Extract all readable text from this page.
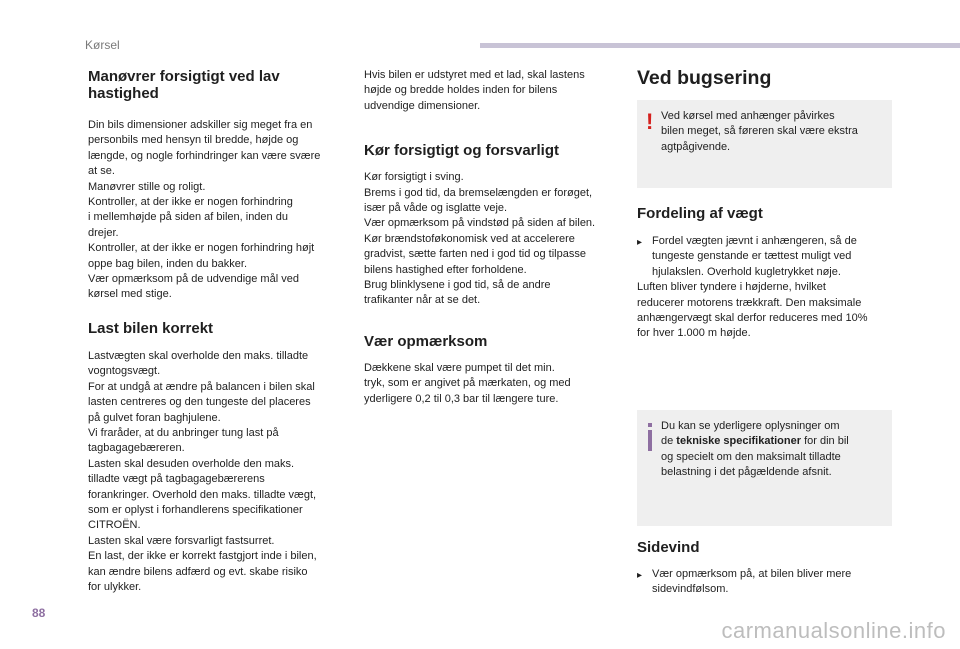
Kørsel
Manøvrer forsigtigt ved lav
hastighed
Din bils dimensioner adskiller sig meget fra en
personbils med hensyn til bredde, højde og
længde, og nogle forhindringer kan være svære
at se.
Manøvrer stille og roligt.
Kontroller, at der ikke er nogen forhindring
i mellemhøjde på siden af bilen, inden du
drejer.
Kontroller, at der ikke er nogen forhindring højt
oppe bag bilen, inden du bakker.
Vær opmærksom på de udvendige mål ved
kørsel med stige.
Last bilen korrekt
Lastvægten skal overholde den maks. tilladte
vogntogsvægt.
For at undgå at ændre på balancen i bilen skal
lasten centreres og den tungeste del placeres
på gulvet foran baghjulene.
Vi fraråder, at du anbringer tung last på
tagbagagebæreren.
Lasten skal desuden overholde den maks.
tilladte vægt på tagbagagebærerens
forankringer. Overhold den maks. tilladte vægt,
som er oplyst i forhandlerens specifikationer
CITROËN.
Lasten skal være forsvarligt fastsurret.
En last, der ikke er korrekt fastgjort inde i bilen,
kan ændre bilens adfærd og evt. skabe risiko
for ulykker.
Hvis bilen er udstyret med et lad, skal lastens
højde og bredde holdes inden for bilens
udvendige dimensioner.
Kør forsigtigt og forsvarligt
Kør forsigtigt i sving.
Brems i god tid, da bremselængden er forøget,
især på våde og isglatte veje.
Vær opmærksom på vindstød på siden af bilen.
Kør brændstoføkonomisk ved at accelerere
gradvist, sætte farten ned i god tid og tilpasse
bilens hastighed efter forholdene.
Brug blinklysene i god tid, så de andre
trafikanter når at se det.
Vær opmærksom
Dækkene skal være pumpet til det min.
tryk, som er angivet på mærkaten, og med
yderligere 0,2 til 0,3 bar til længere ture.
Ved bugsering
! Ved kørsel med anhænger påvirkes
bilen meget, så føreren skal være ekstra
agtpågivende.
Fordeling af vægt
▸ Fordel vægten jævnt i anhængeren, så de
tungeste genstande er tættest muligt ved
hjulakslen. Overhold kugletrykket nøje.
Luften bliver tyndere i højderne, hvilket
reducerer motorens trækkraft. Den maksimale
anhængervægt skal derfor reduceres med 10%
for hver 1.000 m højde.
Du kan se yderligere oplysninger om
de tekniske specifikationer for din bil
og specielt om den maksimalt tilladte
belastning i det pågældende afsnit.
Sidevind
▸ Vær opmærksom på, at bilen bliver mere
sidevindfølsom.
88
carmanualsonline.info
